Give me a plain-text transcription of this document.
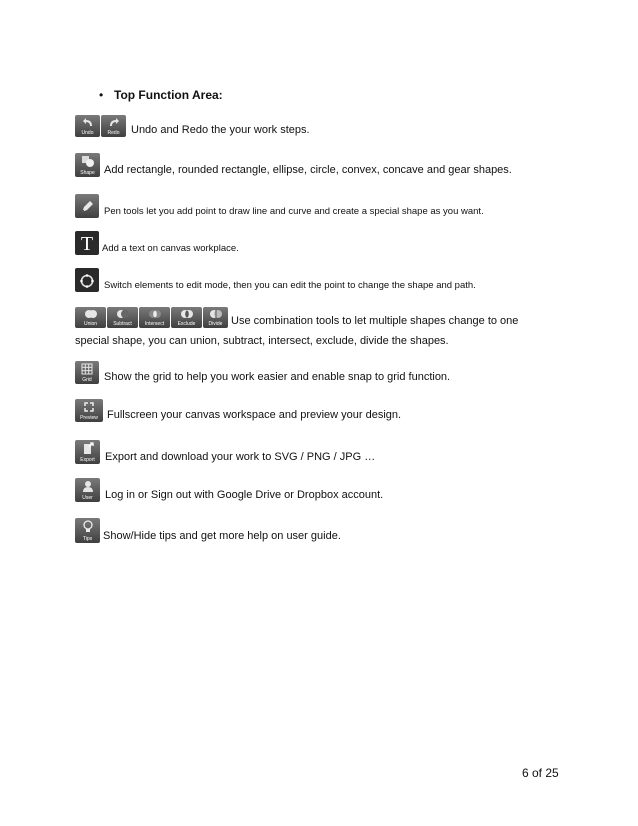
• Top Function Area:
Undo	Redo Undo and Redo the your work steps.
Shape Add rectangle, rounded rectangle, ellipse, circle, convex, concave and gear shapes.
Pen tools let you add point to draw line and curve and create a special shape as you want.
T Add a text on canvas workplace.
Switch elements to edit mode, then you can edit the point to change the shape and path.
Union	Subtract	Intersect	Exclude	Divide Use combination tools to let multiple shapes change to one
special shape, you can union, subtract, intersect, exclude, divide the shapes.
Grid Show the grid to help you work easier and enable snap to grid function.
Preview Fullscreen your canvas workspace and preview your design.
Export Export and download your work to SVG / PNG / JPG …
User Log in or Sign out with Google Drive or Dropbox account.
Tips Show/Hide tips and get more help on user guide.
6 of 25
